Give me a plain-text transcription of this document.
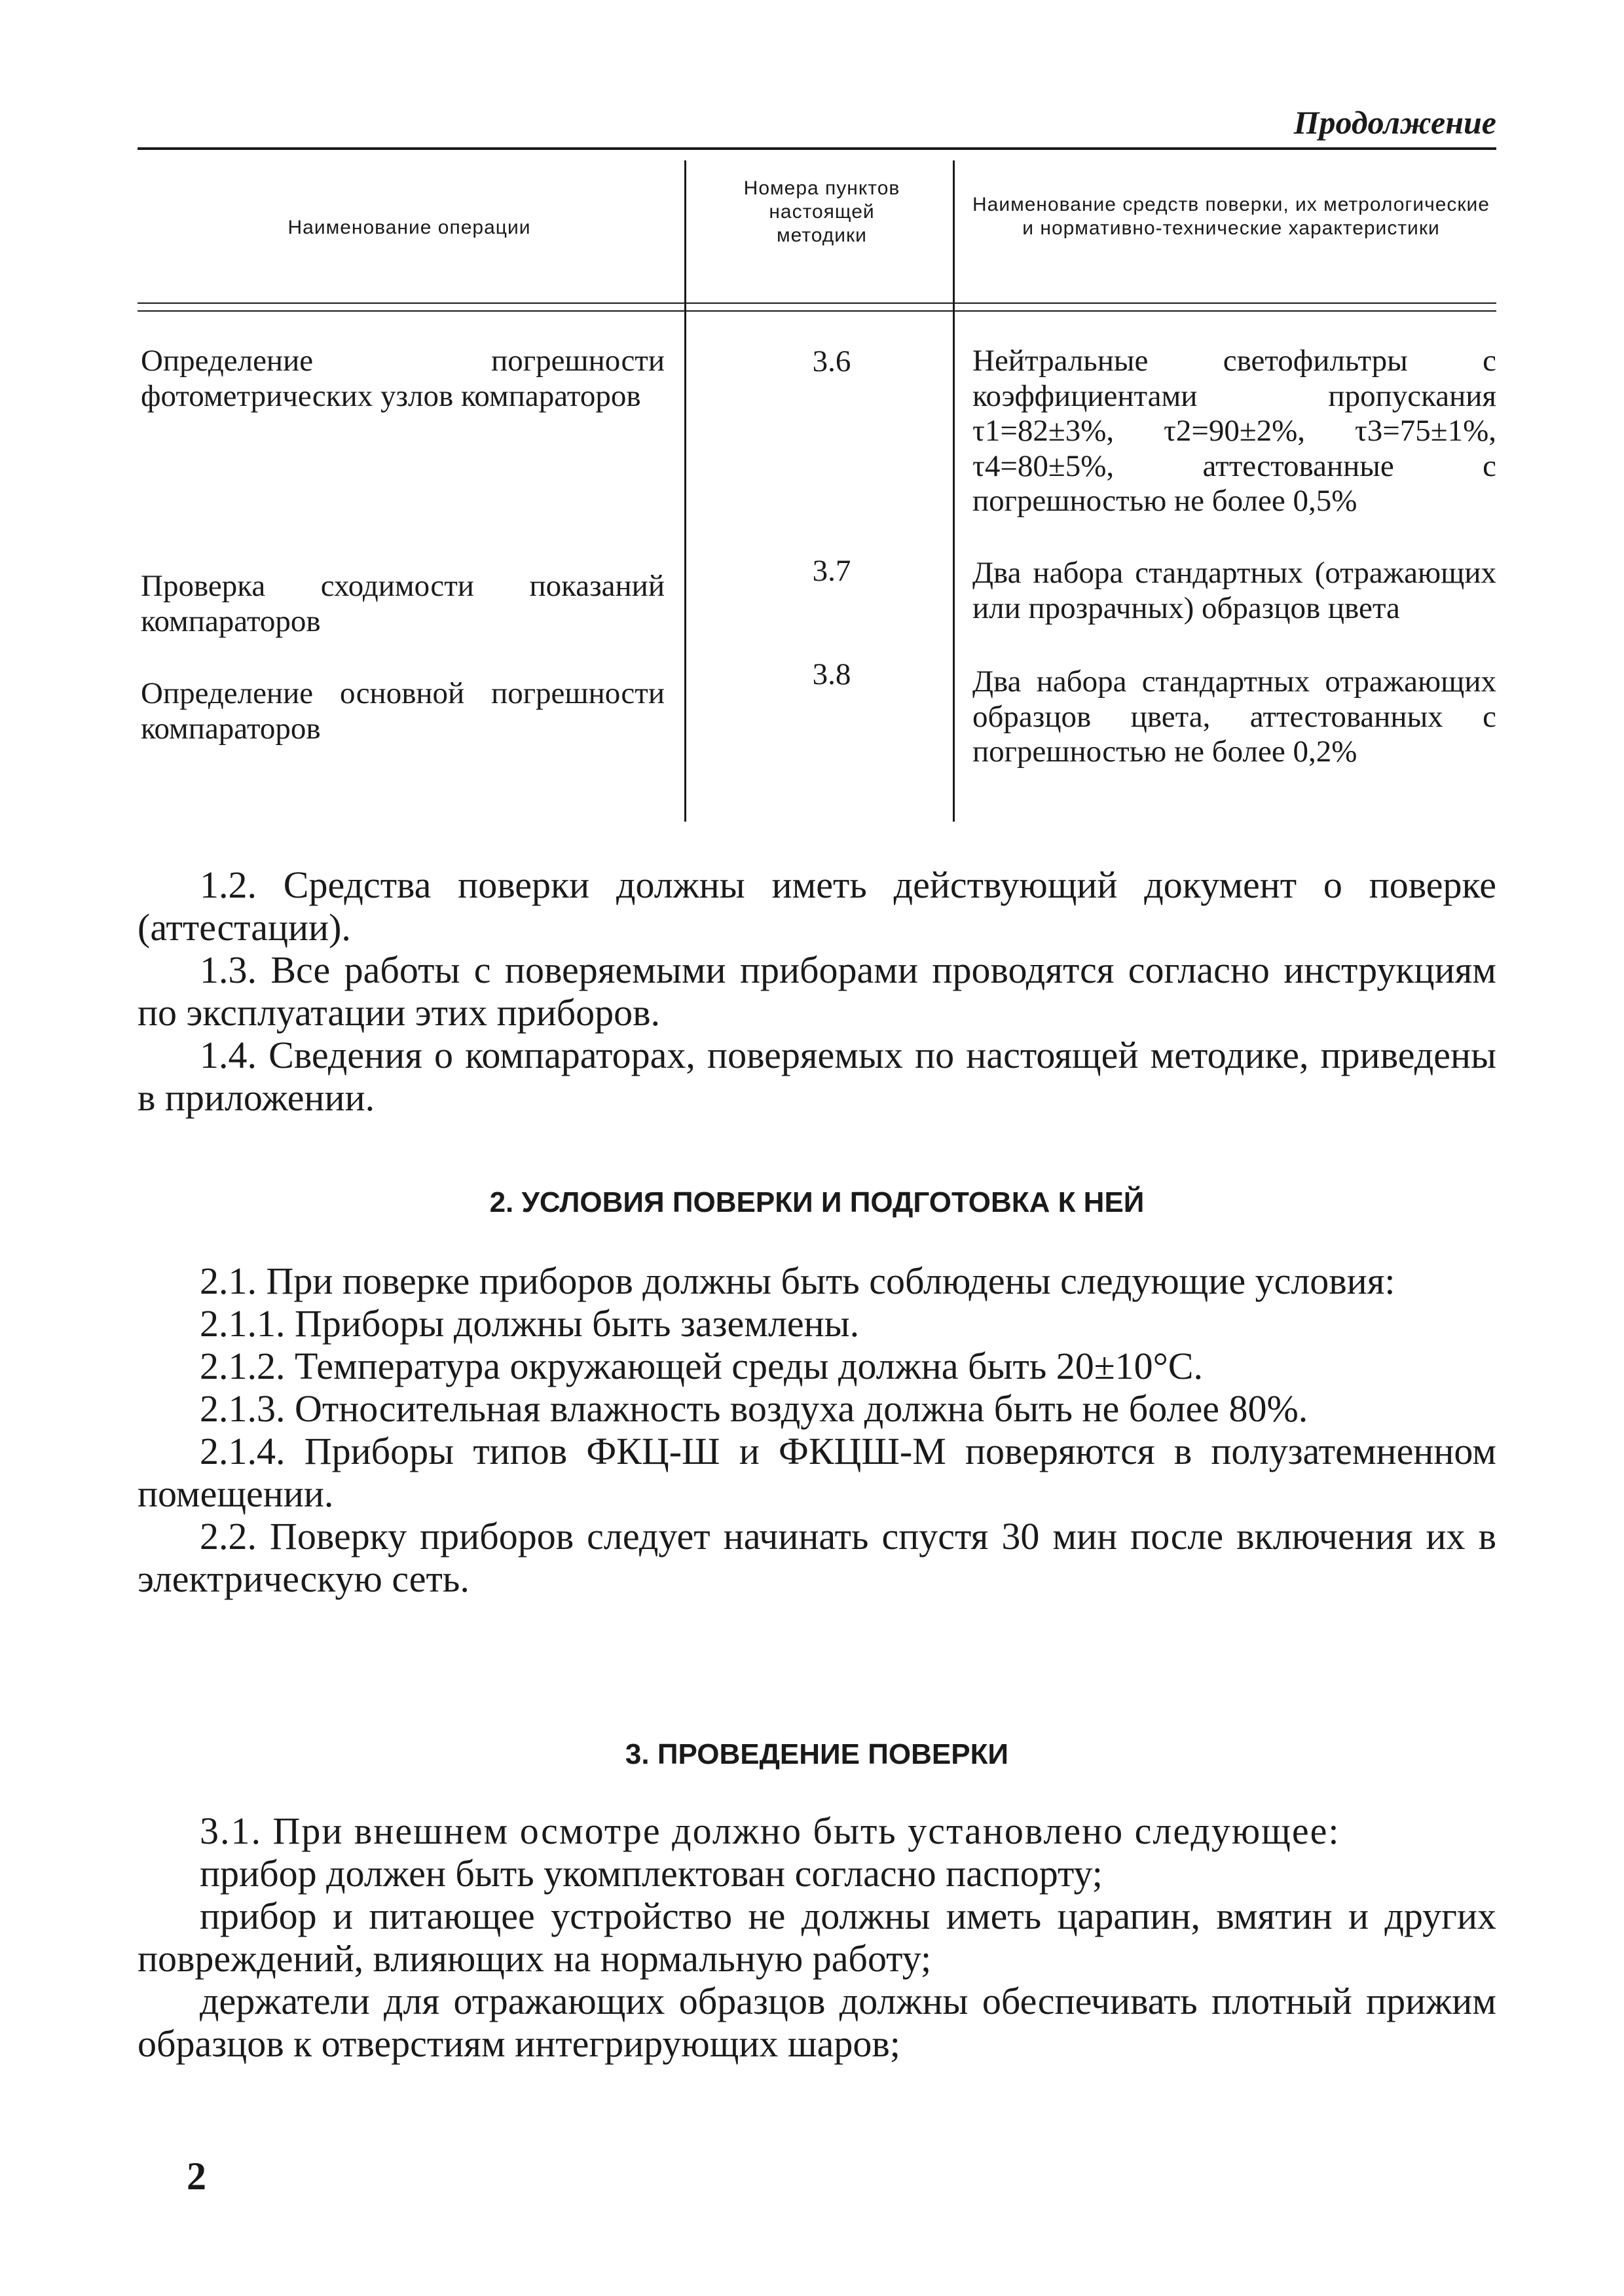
Продолжение
Наименование операции
Номера пунктов настоящей методики
Наименование средств поверки, их метрологические и нормативно-технические характеристики
Определение погрешности фотометрических узлов компараторов
Проверка сходимости показаний компараторов
Определение основной погрешности компараторов
3.6
3.7
3.8
Нейтральные светофильтры с коэффициентами пропускания τ1=82±3%, τ2=90±2%, τ3=75±1%, τ4=80±5%, аттестованные с погрешностью не более 0,5%
Два набора стандартных (отражающих или прозрачных) образцов цвета
Два набора стандартных отражающих образцов цвета, аттестованных с погрешностью не более 0,2%

1.2. Средства поверки должны иметь действующий документ о поверке (аттестации).

1.3. Все работы с поверяемыми приборами проводятся согласно инструкциям по эксплуатации этих приборов.

1.4. Сведения о компараторах, поверяемых по настоящей методике, приведены в приложении.

2. УСЛОВИЯ ПОВЕРКИ И ПОДГОТОВКА К НЕЙ

2.1. При поверке приборов должны быть соблюдены следующие условия:

2.1.1. Приборы должны быть заземлены.

2.1.2. Температура окружающей среды должна быть 20±10°С.

2.1.3. Относительная влажность воздуха должна быть не более 80%.

2.1.4. Приборы типов ФКЦ-Ш и ФКЦШ-М поверяются в полузатемненном помещении.

2.2. Поверку приборов следует начинать спустя 30 мин после включения их в электрическую сеть.

3. ПРОВЕДЕНИЕ ПОВЕРКИ

3.1. При внешнем осмотре должно быть установлено следующее:

прибор должен быть укомплектован согласно паспорту;

прибор и питающее устройство не должны иметь царапин, вмятин и других повреждений, влияющих на нормальную работу;

держатели для отражающих образцов должны обеспечивать плотный прижим образцов к отверстиям интегрирующих шаров;

2
